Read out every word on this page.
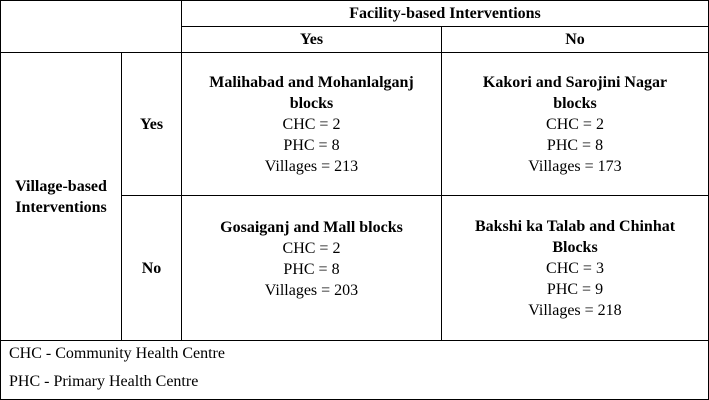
Facility-based Interventions
Yes	No
Village-based
Interventions
Yes
No
Malihabad and Mohanlalganj
blocks
CHC = 2
PHC = 8
Villages = 213
Kakori and Sarojini Nagar
blocks
CHC = 2
PHC = 8
Villages = 173
Gosaiganj and Mall blocks
CHC = 2
PHC = 8
Villages = 203
Bakshi ka Talab and Chinhat
Blocks
CHC = 3
PHC = 9
Villages = 218
CHC - Community Health Centre
PHC - Primary Health Centre
